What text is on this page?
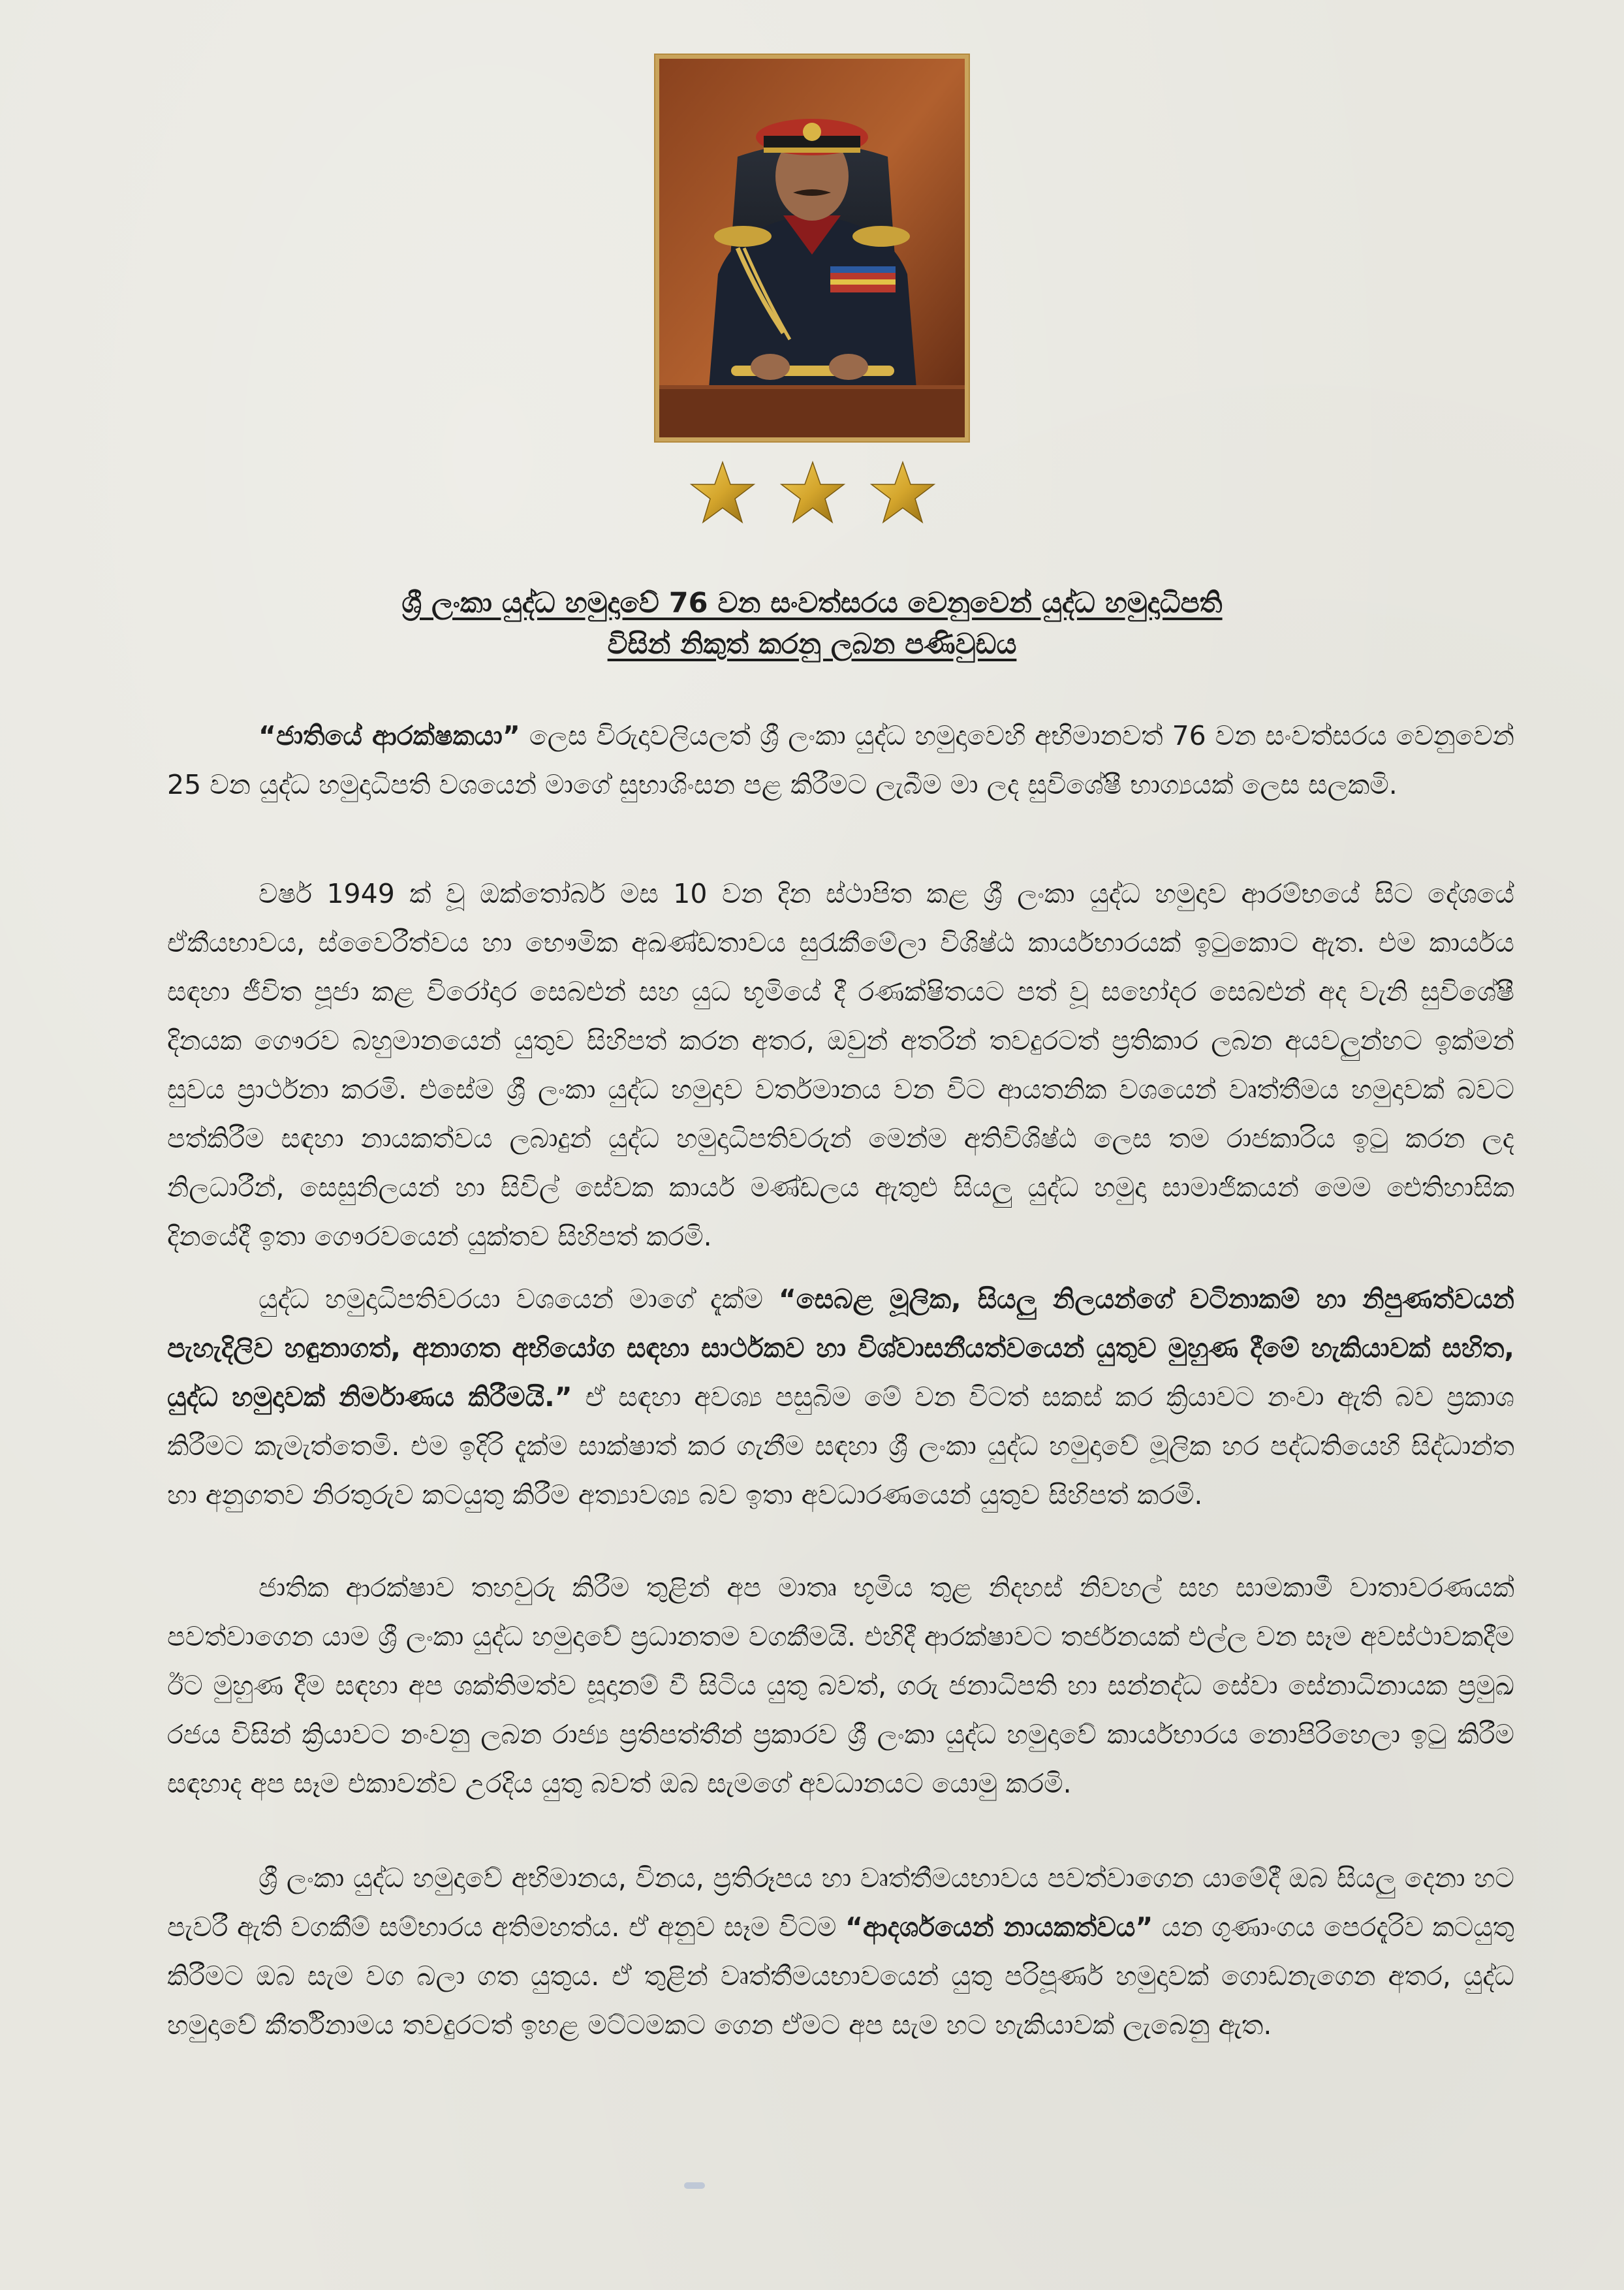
ශ්‍රී ලංකා යුද්ධ හමුදාවේ 76 වන සංවත්සරය වෙනුවෙන් යුද්ධ හමුදාධිපති
විසින් නිකුත් කරනු ලබන පණිවුඩය

“ජාතියේ ආරක්ෂකයා” ලෙස විරුදාවලියලත් ශ්‍රී ලංකා යුද්ධ හමුදාවෙහි අභිමානවත් 76 වන සංවත්සරය වෙනුවෙන් 25 වන යුද්ධ හමුදාධිපති වශයෙන් මාගේ සුභාශිංසන පළ කිරීමට ලැබීම මා ලද සුවිශේෂී භාග්‍යයක් ලෙස සලකමි.

වර්ෂ 1949 ක් වූ ඔක්තෝබර් මස 10 වන දින ස්ථාපිත කළ ශ්‍රී ලංකා යුද්ධ හමුදාව ආරම්භයේ සිට දේශයේ ඒකීයභාවය, ස්වෛරීත්වය හා භෞමික අඛණ්ඩතාවය සුරැකීමේලා විශිෂ්ඨ කාර්යභාරයක් ඉටුකොට ඇත. එම කාර්යය සඳහා ජීවිත පූජා කළ විරෝදාර සෙබළුන් සහ යුධ භූමියේ දී රණක්ෂිතයට පත් වූ සහෝදර සෙබළුන් අද වැනි සුවිශේෂී දිනයක ගෞරව බහුමානයෙන් යුතුව සිහිපත් කරන අතර, ඔවුන් අතරින් තවදුරටත් ප්‍රතිකාර ලබන අයවලුන්හට ඉක්මන් සුවය ප්‍රාර්ථනා කරමි. එසේම ශ්‍රී ලංකා යුද්ධ හමුදාව වර්තමානය වන විට ආයතනික වශයෙන් වෘත්තීමය හමුදාවක් බවට පත්කිරීම සඳහා නායකත්වය ලබාදුන් යුද්ධ හමුදාධිපතිවරුන් මෙන්ම අතිවිශිෂ්ඨ ලෙස තම රාජකාරිය ඉටු කරන ලද නිලධාරීන්, සෙසුනිලයන් හා සිවිල් සේවක කාර්ය මණ්ඩලය ඇතුළු සියලු යුද්ධ හමුදා සාමාජිකයන් මෙම ඓතිහාසික දිනයේදී ඉතා ගෞරවයෙන් යුක්තව සිහිපත් කරමි.

යුද්ධ හමුදාධිපතිවරයා වශයෙන් මාගේ දැක්ම “සෙබළ මූලික, සියලු නිලයන්ගේ වටිනාකම් හා නිපුණත්වයන් පැහැදිලිව හඳුනාගත්, අනාගත අභියෝග සඳහා සාර්ථකව හා විශ්වාසනීයත්වයෙන් යුතුව මුහුණ දීමේ හැකියාවක් සහිත, යුද්ධ හමුදාවක් නිර්මාණය කිරීමයි.” ඒ සඳහා අවශ්‍ය පසුබිම මේ වන විටත් සකස් කර ක්‍රියාවට නංවා ඇති බව ප්‍රකාශ කිරීමට කැමැත්තෙමි. එම ඉදිරි දැක්ම සාක්ෂාත් කර ගැනීම සඳහා ශ්‍රී ලංකා යුද්ධ හමුදාවේ මූලික හර පද්ධතියෙහි සිද්ධාන්ත හා අනුගතව නිරතුරුව කටයුතු කිරීම අත්‍යාවශ්‍ය බව ඉතා අවධාරණයෙන් යුතුව සිහිපත් කරමි.

ජාතික ආරක්ෂාව තහවුරු කිරීම තුළින් අප මාතෘ භූමිය තුළ නිදහස් නිවහල් සහ සාමකාමී වාතාවරණයක් පවත්වාගෙන යාම ශ්‍රී ලංකා යුද්ධ හමුදාවේ ප්‍රධානතම වගකීමයි. එහිදී ආරක්ෂාවට තර්ජනයක් එල්ල වන සෑම අවස්ථාවකදීම ඊට මුහුණ දීම සඳහා අප ශක්තිමත්ව සූදානම් වී සිටිය යුතු බවත්, ගරු ජනාධිපති හා සන්නද්ධ සේවා සේනාධිනායක ප්‍රමුඛ රජය විසින් ක්‍රියාවට නංවනු ලබන රාජ්‍ය ප්‍රතිපත්තීන් ප්‍රකාරව ශ්‍රී ලංකා යුද්ධ හමුදාවේ කාර්යභාරය නොපිරිහෙලා ඉටු කිරීම සඳහාද අප සෑම එකාවන්ව උරදිය යුතු බවත් ඔබ සැමගේ අවධානයට යොමු කරමි.

ශ්‍රී ලංකා යුද්ධ හමුදාවේ අභිමානය, විනය, ප්‍රතිරූපය හා වෘත්තීමයභාවය පවත්වාගෙන යාමේදී ඔබ සියලු දෙනා හට පැවරී ඇති වගකීම් සම්භාරය අතිමහත්ය. ඒ අනුව සෑම විටම “ආදර්ශයෙන් නායකත්වය” යන ගුණාංගය පෙරදැරිව කටයුතු කිරීමට ඔබ සැම වග බලා ගත යුතුය. ඒ තුළින් වෘත්තීමයභාවයෙන් යුතු පරිපූර්ණ හමුදාවක් ගොඩනැගෙන අතර, යුද්ධ හමුදාවේ කීර්තිනාමය තවදුරටත් ඉහළ මට්ටමකට ගෙන ඒමට අප සැම හට හැකියාවක් ලැබෙනු ඇත.
